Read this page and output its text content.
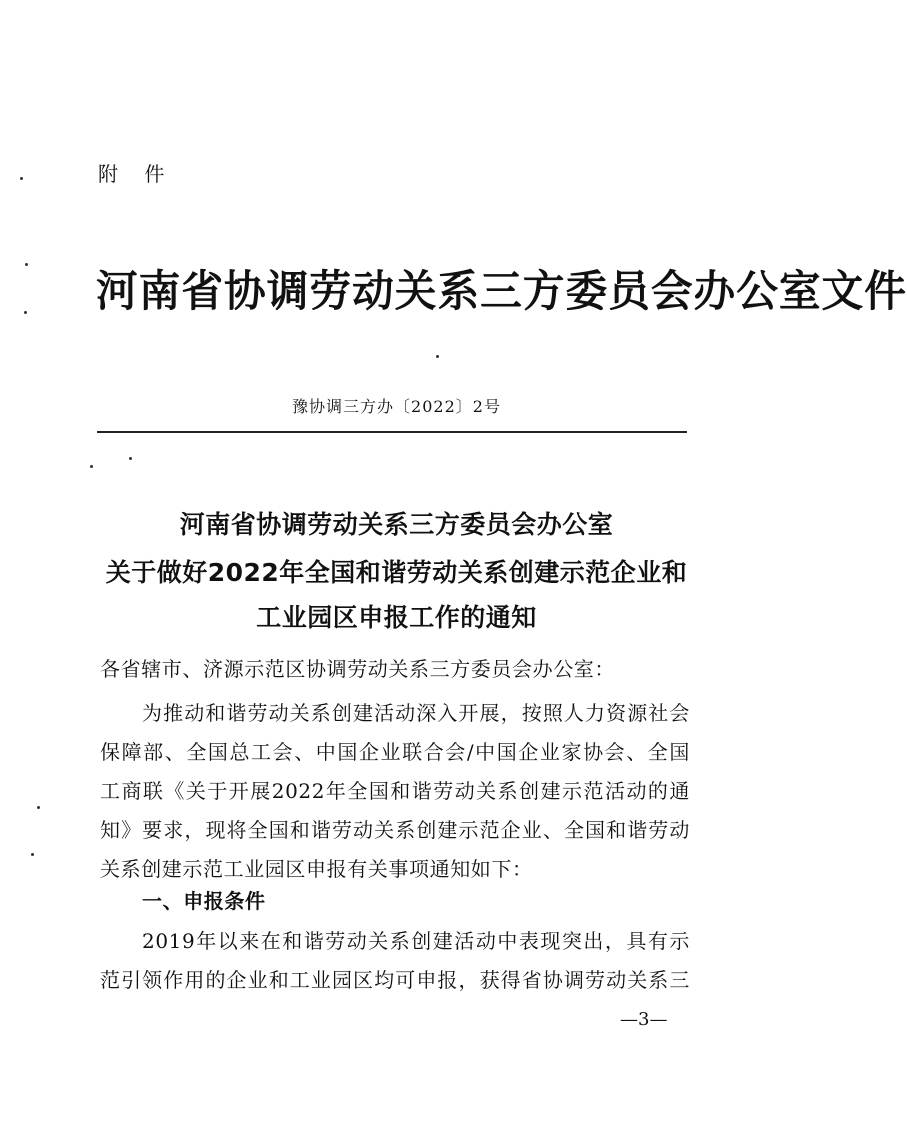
附 件
河南省协调劳动关系三方委员会办公室文件
豫协调三方办〔2022〕2号
河南省协调劳动关系三方委员会办公室
关于做好2022年全国和谐劳动关系创建示范企业和
工业园区申报工作的通知
各省辖市、济源示范区协调劳动关系三方委员会办公室：
为推动和谐劳动关系创建活动深入开展，按照人力资源社会
保障部、全国总工会、中国企业联合会/中国企业家协会、全国
工商联《关于开展2022年全国和谐劳动关系创建示范活动的通
知》要求，现将全国和谐劳动关系创建示范企业、全国和谐劳动
关系创建示范工业园区申报有关事项通知如下：
一、申报条件
2019年以来在和谐劳动关系创建活动中表现突出，具有示
范引领作用的企业和工业园区均可申报，获得省协调劳动关系三
—3—
